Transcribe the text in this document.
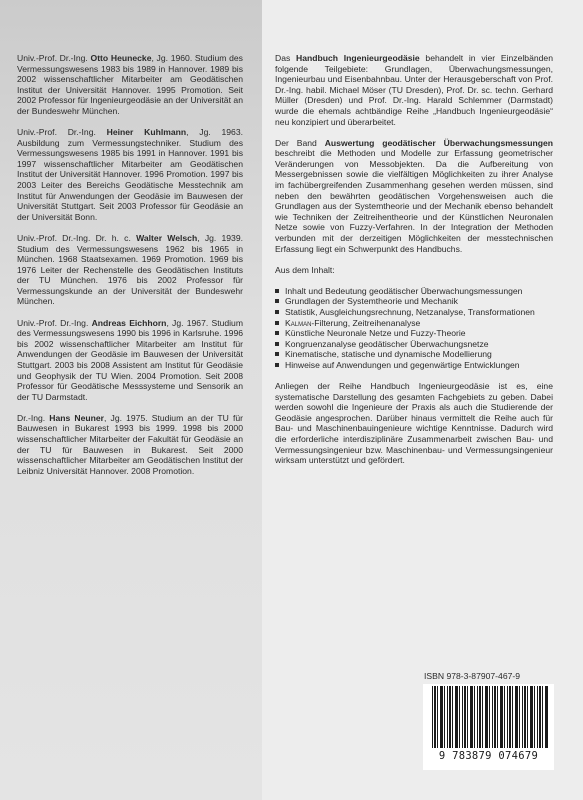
Univ.-Prof. Dr.-Ing. Otto Heunecke, Jg. 1960. Studium des Vermessungswesens 1983 bis 1989 in Hannover. 1989 bis 2002 wissenschaftlicher Mitarbeiter am Geodätischen Institut der Universität Hannover. 1995 Promotion. Seit 2002 Professor für Ingenieurgeodäsie an der Universität an der Bundeswehr München.

Univ.-Prof. Dr.-Ing. Heiner Kuhlmann, Jg. 1963. Ausbildung zum Vermessungstechniker. Studium des Vermessungswesens 1985 bis 1991 in Hannover. 1991 bis 1997 wissenschaftlicher Mitarbeiter am Geodätischen Institut der Universität Hannover. 1996 Promotion. 1997 bis 2003 Leiter des Bereichs Geodätische Messtechnik am Institut für Anwendungen der Geodäsie im Bauwesen der Universität Stuttgart. Seit 2003 Professor für Geodäsie an der Universität Bonn.

Univ.-Prof. Dr.-Ing. Dr. h. c. Walter Welsch, Jg. 1939. Studium des Vermessungswesens 1962 bis 1965 in München. 1968 Staatsexamen. 1969 Promotion. 1969 bis 1976 Leiter der Rechenstelle des Geodätischen Instituts der TU München. 1976 bis 2002 Professor für Vermessungskunde an der Universität der Bundeswehr München.

Univ.-Prof. Dr.-Ing. Andreas Eichhorn, Jg. 1967. Studium des Vermessungswesens 1990 bis 1996 in Karlsruhe. 1996 bis 2002 wissenschaftlicher Mitarbeiter am Institut für Anwendungen der Geodäsie im Bauwesen der Universität Stuttgart. 2003 bis 2008 Assistent am Institut für Geodäsie und Geophysik der TU Wien. 2004 Promotion. Seit 2008 Professor für Geodätische Messsysteme und Sensorik an der TU Darmstadt.

Dr.-Ing. Hans Neuner, Jg. 1975. Studium an der TU für Bauwesen in Bukarest 1993 bis 1999. 1998 bis 2000 wissenschaftlicher Mitarbeiter der Fakultät für Geodäsie an der TU für Bauwesen in Bukarest. Seit 2000 wissenschaftlicher Mitarbeiter am Geodätischen Institut der Leibniz Universität Hannover. 2008 Promotion.

Das Handbuch Ingenieurgeodäsie behandelt in vier Einzelbänden folgende Teilgebiete: Grundlagen, Überwachungsmessungen, Ingenieurbau und Eisenbahnbau. Unter der Herausgeberschaft von Prof. Dr.-Ing. habil. Michael Möser (TU Dresden), Prof. Dr. sc. techn. Gerhard Müller (Dresden) und Prof. Dr.-Ing. Harald Schlemmer (Darmstadt) wurde die ehemals achtbändige Reihe „Handbuch Ingenieurgeodäsie“ neu konzipiert und überarbeitet.

Der Band Auswertung geodätischer Überwachungsmessungen beschreibt die Methoden und Modelle zur Erfassung geometrischer Veränderungen von Messobjekten. Da die Aufbereitung von Messergebnissen sowie die vielfältigen Möglichkeiten zu ihrer Analyse im fachübergreifenden Zusammenhang gesehen werden müssen, sind neben den bewährten geodätischen Vorgehensweisen auch die Grundlagen aus der Systemtheorie und der Mechanik ebenso behandelt wie Techniken der Zeitreihentheorie und der Künstlichen Neuronalen Netze sowie von Fuzzy-Verfahren. In der Integration der Methoden verbunden mit der derzeitigen Möglichkeiten der messtechnischen Erfassung liegt ein Schwerpunkt des Handbuchs.

Aus dem Inhalt:

Inhalt und Bedeutung geodätischer Überwachungsmessungen
Grundlagen der Systemtheorie und Mechanik
Statistik, Ausgleichungsrechnung, Netzanalyse, Transformationen
Kalman-Filterung, Zeitreihenanalyse
Künstliche Neuronale Netze und Fuzzy-Theorie
Kongruenzanalyse geodätischer Überwachungsnetze
Kinematische, statische und dynamische Modellierung
Hinweise auf Anwendungen und gegenwärtige Entwicklungen

Anliegen der Reihe Handbuch Ingenieurgeodäsie ist es, eine systematische Darstellung des gesamten Fachgebiets zu geben. Dabei werden sowohl die Ingenieure der Praxis als auch die Studierende der Geodäsie angesprochen. Darüber hinaus vermittelt die Reihe auch für Bau- und Maschinenbauingenieure wichtige Kenntnisse. Dadurch wird die erforderliche interdisziplinäre Zusammenarbeit zwischen Bau- und Vermessungsingenieur bzw. Maschinenbau- und Vermessungsingenieur wirksam unterstützt und gefördert.

ISBN 978-3-87907-467-9
9 783879 074679
